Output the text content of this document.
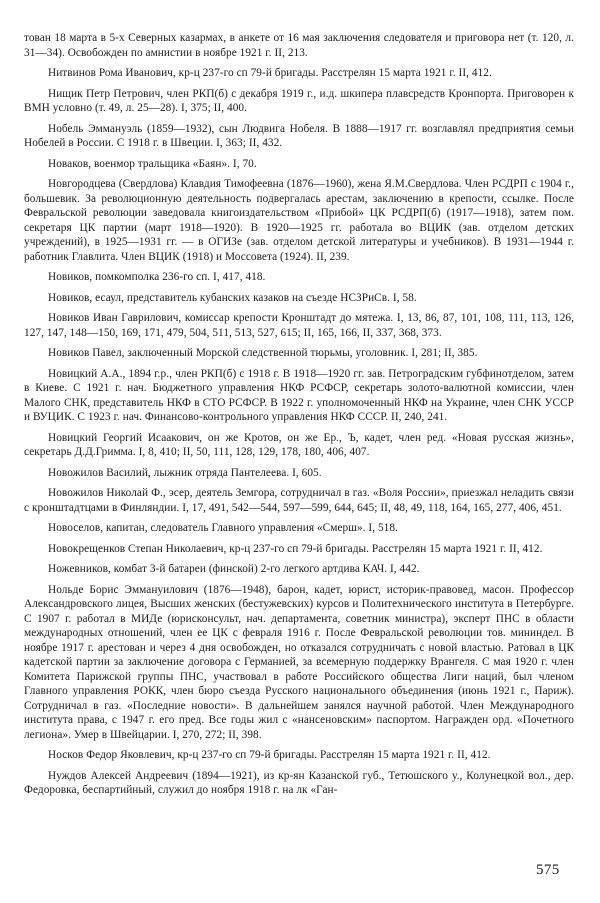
тован 18 марта в 5-х Северных казармах, в анкете от 16 мая заключения следователя и приговора нет (т. 120, л. 31—34). Освобожден по амнистии в ноябре 1921 г. II, 213.

Нитвинов Рома Иванович, кр-ц 237-го сп 79-й бригады. Расстрелян 15 марта 1921 г. II, 412.

Нищик Петр Петрович, член РКП(б) с декабря 1919 г., и.д. шкипера плавсредств Кронпорта. Приговорен к ВМН условно (т. 49, л. 25—28). I, 375; II, 400.

Нобель Эммануэль (1859—1932), сын Людвига Нобеля. В 1888—1917 гг. возглавлял предприятия семьи Нобелей в России. С 1918 г. в Швеции. I, 363; II, 432.

Новаков, военмор тральщика «Баян». I, 70.

Новгородцева (Свердлова) Клавдия Тимофеевна (1876—1960), жена Я.М.Свердлова. Член РСДРП с 1904 г., большевик. За революционную деятельность подвергалась арестам, заключению в крепости, ссылке. После Февральской революции заведовала книгоиздательством «Прибой» ЦК РСДРП(б) (1917—1918), затем пом. секретаря ЦК партии (март 1918—1920). В 1920—1925 гг. работала во ВЦИК (зав. отделом детских учреждений), в 1925—1931 гг. — в ОГИЗе (зав. отделом детской литературы и учебников). В 1931—1944 г. работник Главлита. Член ВЦИК (1918) и Моссовета (1924). II, 239.

Новиков, помкомполка 236-го сп. I, 417, 418.

Новиков, есаул, представитель кубанских казаков на съезде НСЗРиСв. I, 58.

Новиков Иван Гаврилович, комиссар крепости Кронштадт до мятежа. I, 13, 86, 87, 101, 108, 111, 113, 126, 127, 147, 148—150, 169, 171, 479, 504, 511, 513, 527, 615; II, 165, 166, II, 337, 368, 373.

Новиков Павел, заключенный Морской следственной тюрьмы, уголовник. I, 281; II, 385.

Новицкий А.А., 1894 г.р., член РКП(б) с 1918 г. В 1918—1920 гг. зав. Петроградским губфинотделом, затем в Киеве. С 1921 г. нач. Бюджетного управления НКФ РСФСР, секретарь золото-валютной комиссии, член Малого СНК, представитель НКФ в СТО РСФСР. В 1922 г. уполномоченный НКФ на Украине, член СНК УССР и ВУЦИК. С 1923 г. нач. Финансово-контрольного управления НКФ СССР. II, 240, 241.

Новицкий Георгий Исаакович, он же Кротов, он же Ер., Ъ, кадет, член ред. «Новая русская жизнь», секретарь Д.Д.Гримма. I, 8, 410; II, 50, 111, 128, 129, 178, 180, 406, 407.

Новожилов Василий, лыжник отряда Пантелеева. I, 605.

Новожилов Николай Ф., эсер, деятель Земгора, сотрудничал в газ. «Воля России», приезжал неладить связи с кронштадтцами в Финляндии. I, 17, 491, 542—544, 597—599, 644, 645; II, 48, 49, 118, 164, 165, 277, 406, 451.

Новоселов, капитан, следователь Главного управления «Смерш». I, 518.

Новокрещенков Степан Николаевич, кр-ц 237-го сп 79-й бригады. Расстрелян 15 марта 1921 г. II, 412.

Ножевников, комбат 3-й батареи (финской) 2-го легкого артдива КАЧ. I, 442.

Нольде Борис Эммануилович (1876—1948), барон, кадет, юрист, историк-правовед, масон. Профессор Александровского лицея, Высших женских (бестужевских) курсов и Политехнического института в Петербурге. С 1907 г. работал в МИДе (юрисконсульт, нач. департамента, советник министра), эксперт ПНС в области международных отношений, член ее ЦК с февраля 1916 г. После Февральской революции тов. мининдел. В ноябре 1917 г. арестован и через 4 дня освобожден, но отказался сотрудничать с новой властью. Ратовал в ЦК кадетской партии за заключение договора с Германией, за всемерную поддержку Врангеля. С мая 1920 г. член Комитета Парижской группы ПНС, участвовал в работе Российского общества Лиги наций, был членом Главного управления РОКК, член бюро съезда Русского национального объединения (июнь 1921 г., Париж). Сотрудничал в газ. «Последние новости». В дальнейшем занялся научной работой. Член Международного института права, с 1947 г. его пред. Все годы жил с «нансеновским» паспортом. Награжден орд. «Почетного легиона». Умер в Швейцарии. I, 270, 272; II, 398.

Носков Федор Яковлевич, кр-ц 237-го сп 79-й бригады. Расстрелян 15 марта 1921 г. II, 412.

Нуждов Алексей Андреевич (1894—1921), из кр-ян Казанской губ., Тетюшского у., Колунецкой вол., дер. Федоровка, беспартийный, служил до ноября 1918 г. на лк «Ган-

575
